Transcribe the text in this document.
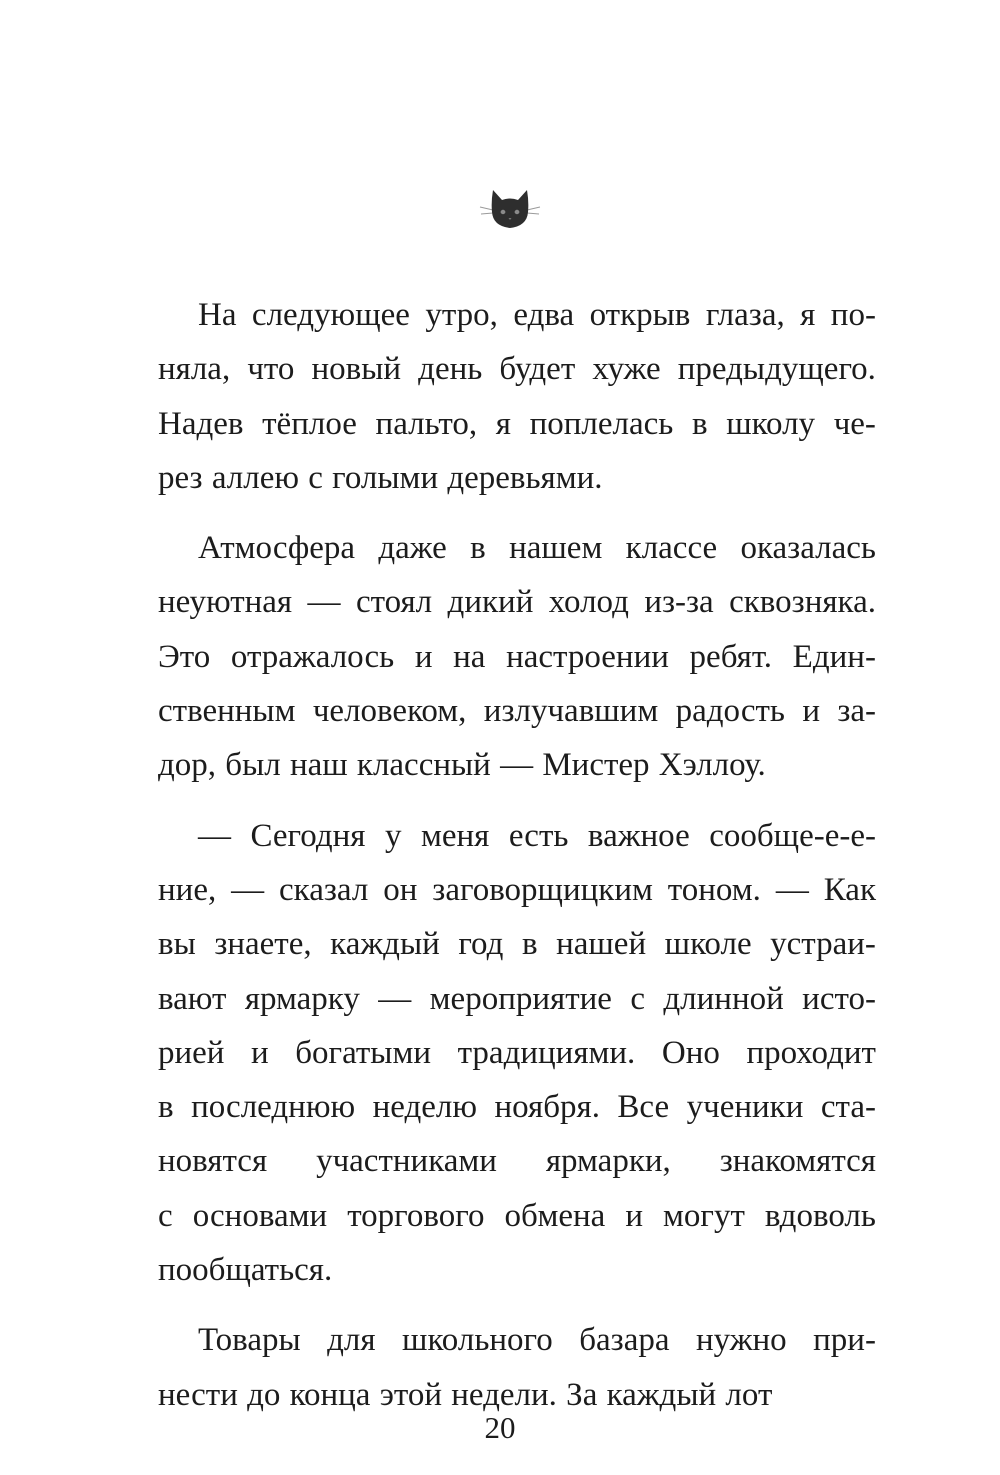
На следующее утро, едва открыв глаза, я по-
няла, что новый день будет хуже предыдущего.
Надев тёплое пальто, я поплелась в школу че-
рез аллею с голыми деревьями.
Атмосфера даже в нашем классе оказалась
неуютная — стоял дикий холод из-за сквозняка.
Это отражалось и на настроении ребят. Един-
ственным человеком, излучавшим радость и за-
дор, был наш классный — Мистер Хэллоу.
— Сегодня у меня есть важное сообще-е-е-
ние, — сказал он заговорщицким тоном. — Как
вы знаете, каждый год в нашей школе устраи-
вают ярмарку — мероприятие с длинной исто-
рией и богатыми традициями. Оно проходит
в последнюю неделю ноября. Все ученики ста-
новятся участниками ярмарки, знакомятся
с основами торгового обмена и могут вдоволь
пообщаться.
Товары для школьного базара нужно при-
нести до конца этой недели. За каждый лот
20
